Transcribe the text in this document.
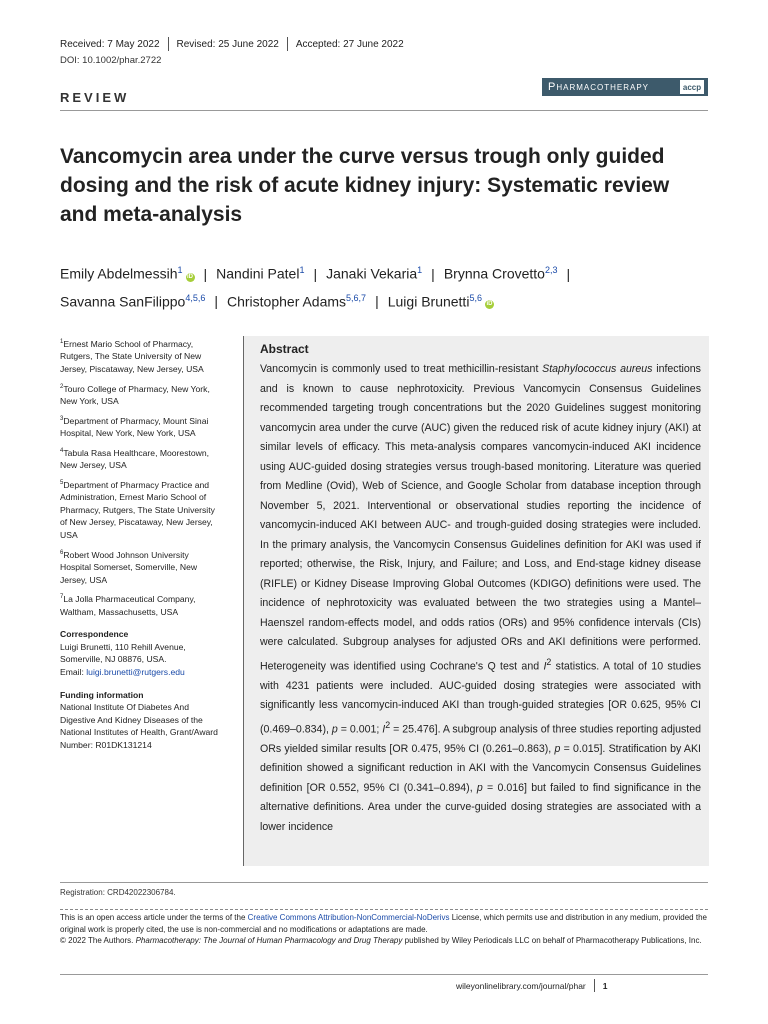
Received: 7 May 2022 Revised: 25 June 2022 Accepted: 27 June 2022
DOI: 10.1002/phar.2722
REVIEW
Pharmacotherapy	accp
Vancomycin area under the curve versus trough only guided dosing and the risk of acute kidney injury: Systematic review and meta-analysis
Emily Abdelmessih$^1$iD | Nandini Patel$^1$ | Janaki Vekaria$^1$ | Brynna Crovetto$^{2,3}$ |
Savanna SanFilippo$^{4,5,6}$ | Christopher Adams$^{5,6,7}$ | Luigi Brunetti$^{5,6}$iD
$^1$Ernest Mario School of Pharmacy, Rutgers, The State University of New Jersey, Piscataway, New Jersey, USA
$^2$Touro College of Pharmacy, New York, New York, USA
$^3$Department of Pharmacy, Mount Sinai Hospital, New York, New York, USA
$^4$Tabula Rasa Healthcare, Moorestown, New Jersey, USA
$^5$Department of Pharmacy Practice and Administration, Ernest Mario School of Pharmacy, Rutgers, The State University of New Jersey, Piscataway, New Jersey, USA
$^6$Robert Wood Johnson University Hospital Somerset, Somerville, New Jersey, USA
$^7$La Jolla Pharmaceutical Company, Waltham, Massachusetts, USA
Correspondence
Luigi Brunetti, 110 Rehill Avenue, Somerville, NJ 08876, USA.
Email: luigi.brunetti@rutgers.edu
Funding information
National Institute Of Diabetes And Digestive And Kidney Diseases of the National Institutes of Health, Grant/Award Number: R01DK131214
Abstract

Vancomycin is commonly used to treat methicillin-resistant Staphylococcus aureus infections and is known to cause nephrotoxicity. Previous Vancomycin Consensus Guidelines recommended targeting trough concentrations but the 2020 Guidelines suggest monitoring vancomycin area under the curve (AUC) given the reduced risk of acute kidney injury (AKI) at similar levels of efficacy. This meta-analysis compares vancomycin-induced AKI incidence using AUC-guided dosing strategies versus trough-based monitoring. Literature was queried from Medline (Ovid), Web of Science, and Google Scholar from database inception through November 5, 2021. Interventional or observational studies reporting the incidence of vancomycin-induced AKI between AUC- and trough-guided dosing strategies were included. In the primary analysis, the Vancomycin Consensus Guidelines definition for AKI was used if reported; otherwise, the Risk, Injury, and Failure; and Loss, and End-stage kidney disease (RIFLE) or Kidney Disease Improving Global Outcomes (KDIGO) definitions were used. The incidence of nephrotoxicity was evaluated between the two strategies using a Mantel–Haenszel random-effects model, and odds ratios (ORs) and 95% confidence intervals (CIs) were calculated. Subgroup analyses for adjusted ORs and AKI definitions were performed. Heterogeneity was identified using Cochrane's Q test and $I^2$ statistics. A total of 10 studies with 4231 patients were included. AUC-guided dosing strategies were associated with significantly less vancomycin-induced AKI than trough-guided strategies [OR 0.625, 95% CI (0.469–0.834), p = 0.001; $I^2 = 25.476$]. A subgroup analysis of three studies reporting adjusted ORs yielded similar results [OR 0.475, 95% CI (0.261–0.863), p = 0.015]. Stratification by AKI definition showed a significant reduction in AKI with the Vancomycin Consensus Guidelines definition [OR 0.552, 95% CI (0.341–0.894), p = 0.016] but failed to find significance in the alternative definitions. Area under the curve-guided dosing strategies are associated with a lower incidence

Registration: CRD42022306784.
This is an open access article under the terms of the Creative Commons Attribution-NonCommercial-NoDerivs License, which permits use and distribution in any medium, provided the original work is properly cited, the use is non-commercial and no modifications or adaptations are made.
© 2022 The Authors. Pharmacotherapy: The Journal of Human Pharmacology and Drug Therapy published by Wiley Periodicals LLC on behalf of Pharmacotherapy Publications, Inc.
wileyonlinelibrary.com/journal/phar 1
